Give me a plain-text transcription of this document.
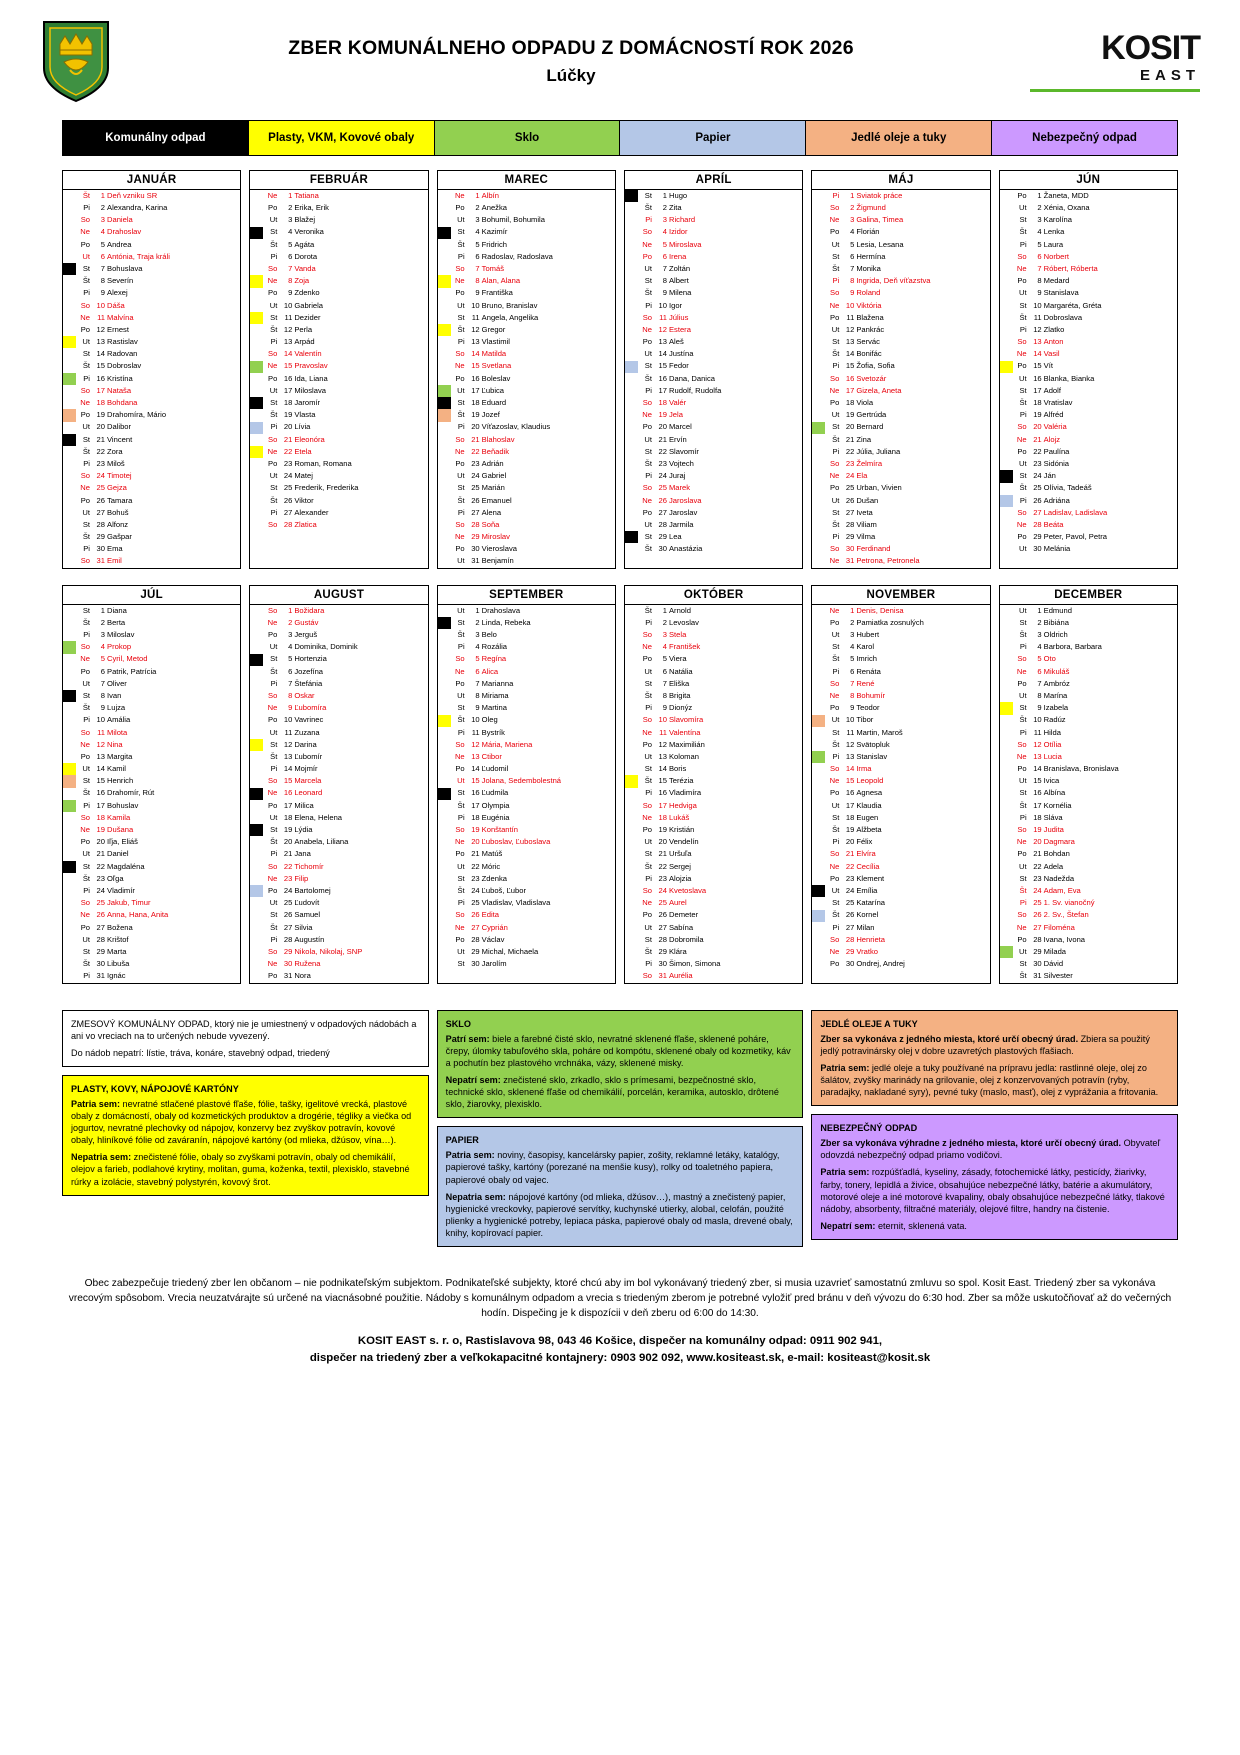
ZBER KOMUNÁLNEHO ODPADU Z DOMÁCNOSTÍ ROK 2026
Lúčky
KOSIT
EAST
Komunálny odpad	Plasty, VKM, Kovové obaly	Sklo	Papier	Jedlé oleje a tuky	Nebezpečný odpad
JANUÁR
	Št	1	Deň vzniku SR
	Pi	2	Alexandra, Karina
	So	3	Daniela
	Ne	4	Drahoslav
	Po	5	Andrea
	Ut	6	Antónia, Traja králi
	St	7	Bohuslava
	Št	8	Severín
	Pi	9	Alexej
	So	10	Dáša
	Ne	11	Malvína
	Po	12	Ernest
	Ut	13	Rastislav
	St	14	Radovan
	Št	15	Dobroslav
	Pi	16	Kristína
	So	17	Nataša
	Ne	18	Bohdana
	Po	19	Drahomíra, Mário
	Ut	20	Dalibor
	St	21	Vincent
	Št	22	Zora
	Pi	23	Miloš
	So	24	Timotej
	Ne	25	Gejza
	Po	26	Tamara
	Ut	27	Bohuš
	St	28	Alfonz
	Št	29	Gašpar
	Pi	30	Ema
	So	31	Emil
FEBRUÁR
	Ne	1	Tatiana
	Po	2	Erika, Erik
	Ut	3	Blažej
	St	4	Veronika
	Št	5	Agáta
	Pi	6	Dorota
	So	7	Vanda
	Ne	8	Zoja
	Po	9	Zdenko
	Ut	10	Gabriela
	St	11	Dezider
	Št	12	Perla
	Pi	13	Arpád
	So	14	Valentín
	Ne	15	Pravoslav
	Po	16	Ida, Liana
	Ut	17	Miloslava
	St	18	Jaromír
	Št	19	Vlasta
	Pi	20	Lívia
	So	21	Eleonóra
	Ne	22	Etela
	Po	23	Roman, Romana
	Ut	24	Matej
	St	25	Frederik, Frederika
	Št	26	Viktor
	Pi	27	Alexander
	So	28	Zlatica
MAREC
	Ne	1	Albín
	Po	2	Anežka
	Ut	3	Bohumil, Bohumila
	St	4	Kazimír
	Št	5	Fridrich
	Pi	6	Radoslav, Radoslava
	So	7	Tomáš
	Ne	8	Alan, Alana
	Po	9	Františka
	Ut	10	Bruno, Branislav
	St	11	Angela, Angelika
	Št	12	Gregor
	Pi	13	Vlastimil
	So	14	Matilda
	Ne	15	Svetlana
	Po	16	Boleslav
	Ut	17	Ľubica
	St	18	Eduard
	Št	19	Jozef
	Pi	20	Víťazoslav, Klaudius
	So	21	Blahoslav
	Ne	22	Beňadik
	Po	23	Adrián
	Ut	24	Gabriel
	St	25	Marián
	Št	26	Emanuel
	Pi	27	Alena
	So	28	Soňa
	Ne	29	Miroslav
	Po	30	Vieroslava
	Ut	31	Benjamín
APRÍL
	St	1	Hugo
	Št	2	Zita
	Pi	3	Richard
	So	4	Izidor
	Ne	5	Miroslava
	Po	6	Irena
	Ut	7	Zoltán
	St	8	Albert
	Št	9	Milena
	Pi	10	Igor
	So	11	Július
	Ne	12	Estera
	Po	13	Aleš
	Ut	14	Justína
	St	15	Fedor
	Št	16	Dana, Danica
	Pi	17	Rudolf, Rudolfa
	So	18	Valér
	Ne	19	Jela
	Po	20	Marcel
	Ut	21	Ervín
	St	22	Slavomír
	Št	23	Vojtech
	Pi	24	Juraj
	So	25	Marek
	Ne	26	Jaroslava
	Po	27	Jaroslav
	Ut	28	Jarmila
	St	29	Lea
	Št	30	Anastázia
MÁJ
	Pi	1	Sviatok práce
	So	2	Žigmund
	Ne	3	Galina, Timea
	Po	4	Florián
	Ut	5	Lesia, Lesana
	St	6	Hermína
	Št	7	Monika
	Pi	8	Ingrida, Deň víťazstva
	So	9	Roland
	Ne	10	Viktória
	Po	11	Blažena
	Ut	12	Pankrác
	St	13	Servác
	Št	14	Bonifác
	Pi	15	Žofia, Sofia
	So	16	Svetozár
	Ne	17	Gizela, Aneta
	Po	18	Viola
	Ut	19	Gertrúda
	St	20	Bernard
	Št	21	Zina
	Pi	22	Júlia, Juliana
	So	23	Želmíra
	Ne	24	Ela
	Po	25	Urban, Vivien
	Ut	26	Dušan
	St	27	Iveta
	Št	28	Viliam
	Pi	29	Vilma
	So	30	Ferdinand
	Ne	31	Petrona, Petronela
JÚN
	Po	1	Žaneta, MDD
	Ut	2	Xénia, Oxana
	St	3	Karolína
	Št	4	Lenka
	Pi	5	Laura
	So	6	Norbert
	Ne	7	Róbert, Róberta
	Po	8	Medard
	Ut	9	Stanislava
	St	10	Margaréta, Gréta
	Št	11	Dobroslava
	Pi	12	Zlatko
	So	13	Anton
	Ne	14	Vasil
	Po	15	Vít
	Ut	16	Blanka, Bianka
	St	17	Adolf
	Št	18	Vratislav
	Pi	19	Alfréd
	So	20	Valéria
	Ne	21	Alojz
	Po	22	Paulína
	Ut	23	Sidónia
	St	24	Ján
	Št	25	Olívia, Tadeáš
	Pi	26	Adriána
	So	27	Ladislav, Ladislava
	Ne	28	Beáta
	Po	29	Peter, Pavol, Petra
	Ut	30	Melánia
JÚL
	St	1	Diana
	Št	2	Berta
	Pi	3	Miloslav
	So	4	Prokop
	Ne	5	Cyril, Metod
	Po	6	Patrik, Patrícia
	Ut	7	Oliver
	St	8	Ivan
	Št	9	Lujza
	Pi	10	Amália
	So	11	Milota
	Ne	12	Nina
	Po	13	Margita
	Ut	14	Kamil
	St	15	Henrich
	Št	16	Drahomír, Rút
	Pi	17	Bohuslav
	So	18	Kamila
	Ne	19	Dušana
	Po	20	Iľja, Eliáš
	Ut	21	Daniel
	St	22	Magdaléna
	Št	23	Oľga
	Pi	24	Vladimír
	So	25	Jakub, Timur
	Ne	26	Anna, Hana, Anita
	Po	27	Božena
	Ut	28	Krištof
	St	29	Marta
	Št	30	Libuša
	Pi	31	Ignác
AUGUST
	So	1	Božidara
	Ne	2	Gustáv
	Po	3	Jerguš
	Ut	4	Dominika, Dominik
	St	5	Hortenzia
	Št	6	Jozefína
	Pi	7	Štefánia
	So	8	Oskar
	Ne	9	Ľubomíra
	Po	10	Vavrinec
	Ut	11	Zuzana
	St	12	Darina
	Št	13	Ľubomír
	Pi	14	Mojmír
	So	15	Marcela
	Ne	16	Leonard
	Po	17	Milica
	Ut	18	Elena, Helena
	St	19	Lýdia
	Št	20	Anabela, Liliana
	Pi	21	Jana
	So	22	Tichomír
	Ne	23	Filip
	Po	24	Bartolomej
	Ut	25	Ľudovít
	St	26	Samuel
	Št	27	Silvia
	Pi	28	Augustín
	So	29	Nikola, Nikolaj, SNP
	Ne	30	Ružena
	Po	31	Nora
SEPTEMBER
	Ut	1	Drahoslava
	St	2	Linda, Rebeka
	Št	3	Belo
	Pi	4	Rozália
	So	5	Regína
	Ne	6	Alica
	Po	7	Marianna
	Ut	8	Miriama
	St	9	Martina
	Št	10	Oleg
	Pi	11	Bystrík
	So	12	Mária, Mariena
	Ne	13	Ctibor
	Po	14	Ľudomil
	Ut	15	Jolana, Sedembolestná
	St	16	Ľudmila
	Št	17	Olympia
	Pi	18	Eugénia
	So	19	Konštantín
	Ne	20	Ľuboslav, Ľuboslava
	Po	21	Matúš
	Ut	22	Móric
	St	23	Zdenka
	Št	24	Ľuboš, Ľubor
	Pi	25	Vladislav, Vladislava
	So	26	Edita
	Ne	27	Cyprián
	Po	28	Václav
	Ut	29	Michal, Michaela
	St	30	Jarolím
OKTÓBER
	Št	1	Arnold
	Pi	2	Levoslav
	So	3	Stela
	Ne	4	František
	Po	5	Viera
	Ut	6	Natália
	St	7	Eliška
	Št	8	Brigita
	Pi	9	Dionýz
	So	10	Slavomíra
	Ne	11	Valentína
	Po	12	Maximilián
	Ut	13	Koloman
	St	14	Boris
	Št	15	Terézia
	Pi	16	Vladimíra
	So	17	Hedviga
	Ne	18	Lukáš
	Po	19	Kristián
	Ut	20	Vendelín
	St	21	Uršuľa
	Št	22	Sergej
	Pi	23	Alojzia
	So	24	Kvetoslava
	Ne	25	Aurel
	Po	26	Demeter
	Ut	27	Sabína
	St	28	Dobromila
	Št	29	Klára
	Pi	30	Šimon, Simona
	So	31	Aurélia
NOVEMBER
	Ne	1	Denis, Denisa
	Po	2	Pamiatka zosnulých
	Ut	3	Hubert
	St	4	Karol
	Št	5	Imrich
	Pi	6	Renáta
	So	7	René
	Ne	8	Bohumír
	Po	9	Teodor
	Ut	10	Tibor
	St	11	Martin, Maroš
	Št	12	Svätopluk
	Pi	13	Stanislav
	So	14	Irma
	Ne	15	Leopold
	Po	16	Agnesa
	Ut	17	Klaudia
	St	18	Eugen
	Št	19	Alžbeta
	Pi	20	Félix
	So	21	Elvíra
	Ne	22	Cecília
	Po	23	Klement
	Ut	24	Emília
	St	25	Katarína
	Št	26	Kornel
	Pi	27	Milan
	So	28	Henrieta
	Ne	29	Vratko
	Po	30	Ondrej, Andrej
DECEMBER
	Ut	1	Edmund
	St	2	Bibiána
	Št	3	Oldrich
	Pi	4	Barbora, Barbara
	So	5	Oto
	Ne	6	Mikuláš
	Po	7	Ambróz
	Ut	8	Marína
	St	9	Izabela
	Št	10	Radúz
	Pi	11	Hilda
	So	12	Otília
	Ne	13	Lucia
	Po	14	Branislava, Bronislava
	Ut	15	Ivica
	St	16	Albína
	Št	17	Kornélia
	Pi	18	Sláva
	So	19	Judita
	Ne	20	Dagmara
	Po	21	Bohdan
	Ut	22	Adela
	St	23	Nadežda
	Št	24	Adam, Eva
	Pi	25	1. Sv. vianočný
	So	26	2. Sv., Štefan
	Ne	27	Filoména
	Po	28	Ivana, Ivona
	Ut	29	Milada
	St	30	Dávid
	Št	31	Silvester

ZMESOVÝ KOMUNÁLNY ODPAD, ktorý nie je umiestnený v odpadových nádobách a ani vo vreciach na to určených nebude vyvezený.

Do nádob nepatrí: lístie, tráva, konáre, stavebný odpad, triedený

PLASTY, KOVY, NÁPOJOVÉ KARTÓNY

Patria sem: nevratné stlačené plastové fľaše, fólie, tašky, igelitové vrecká, plastové obaly z domácností, obaly od kozmetických produktov a drogérie, tégliky a viečka od jogurtov, nevratné plechovky od nápojov, konzervy bez zvyškov potravín, kovové obaly, hliníkové fólie od zaváranín, nápojové kartóny (od mlieka, džúsov, vína…).

Nepatria sem: znečistené fólie, obaly so zvyškami potravín, obaly od chemikálií, olejov a farieb, podlahové krytiny, molitan, guma, koženka, textil, plexisklo, stavebné rúrky a izolácie, stavebný polystyrén, kovový šrot.

SKLO

Patrí sem: biele a farebné čisté sklo, nevratné sklenené fľaše, sklenené poháre, črepy, úlomky tabuľového skla, poháre od kompótu, sklenené obaly od kozmetiky, káv a pochutín bez plastového vrchnáka, vázy, sklenené misky.

Nepatrí sem: znečistené sklo, zrkadlo, sklo s prímesami, bezpečnostné sklo, technické sklo, sklenené fľaše od chemikálií, porcelán, keramika, autosklo, drôtené sklo, žiarovky, plexisklo.

PAPIER

Patria sem: noviny, časopisy, kancelársky papier, zošity, reklamné letáky, katalógy, papierové tašky, kartóny (porezané na menšie kusy), rolky od toaletného papiera, papierové obaly od vajec.

Nepatria sem: nápojové kartóny (od mlieka, džúsov…), mastný a znečistený papier, hygienické vreckovky, papierové servítky, kuchynské utierky, alobal, celofán, použité plienky a hygienické potreby, lepiaca páska, papierové obaly od masla, drevené obaly, knihy, kopírovací papier.

JEDLÉ OLEJE A TUKY

Zber sa vykonáva z jedného miesta, ktoré určí obecný úrad. Zbiera sa použitý jedlý potravinársky olej v dobre uzavretých plastových fľašiach.

Patria sem: jedlé oleje a tuky používané na prípravu jedla: rastlinné oleje, olej zo šalátov, zvyšky marinády na grilovanie, olej z konzervovaných potravín (ryby, paradajky, nakladané syry), pevné tuky (maslo, masť), olej z vyprážania a fritovania.

NEBEZPEČNÝ ODPAD

Zber sa vykonáva výhradne z jedného miesta, ktoré určí obecný úrad. Obyvateľ odovzdá nebezpečný odpad priamo vodičovi.

Patria sem: rozpúšťadlá, kyseliny, zásady, fotochemické látky, pesticídy, žiarivky, farby, tonery, lepidlá a živice, obsahujúce nebezpečné látky, batérie a akumulátory, motorové oleje a iné motorové kvapaliny, obaly obsahujúce nebezpečné látky, tlakové nádoby, absorbenty, filtračné materiály, olejové filtre, handry na čistenie.

Nepatrí sem: eternit, sklenená vata.

Obec zabezpečuje triedený zber len občanom – nie podnikateľským subjektom. Podnikateľské subjekty, ktoré chcú aby im bol vykonávaný triedený zber, si musia uzavrieť samostatnú zmluvu so spol. Kosit East. Triedený zber sa vykonáva vrecovým spôsobom. Vrecia neuzatvárajte sú určené na viacnásobné použitie. Nádoby s komunálnym odpadom a vrecia s triedeným zberom je potrebné vyložiť pred bránu v deň vývozu do 6:30 hod. Zber sa môže uskutočňovať až do večerných hodín. Dispečing je k dispozícii v deň zberu od 6:00 do 14:30.
KOSIT EAST s. r. o, Rastislavova 98, 043 46 Košice, dispečer na komunálny odpad: 0911 902 941,
dispečer na triedený zber a veľkokapacitné kontajnery: 0903 902 092, www.kositeast.sk, e-mail: kositeast@kosit.sk
